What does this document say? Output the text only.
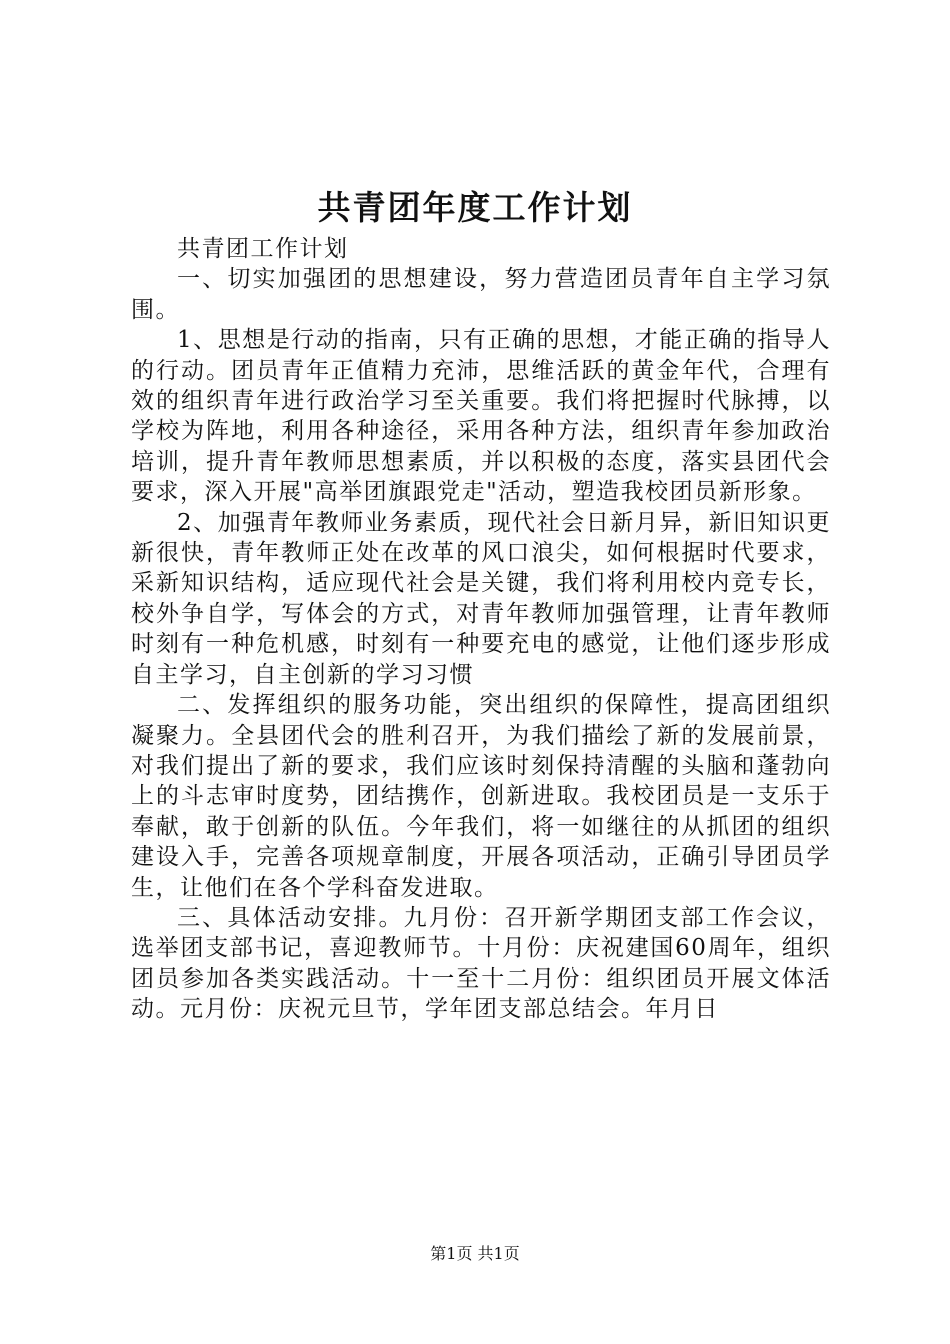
共青团年度工作计划

共青团工作计划

一、切实加强团的思想建设，努力营造团员青年自主学习氛围。

1、思想是行动的指南，只有正确的思想，才能正确的指导人的行动。团员青年正值精力充沛，思维活跃的黄金年代，合理有效的组织青年进行政治学习至关重要。我们将把握时代脉搏，以学校为阵地，利用各种途径，采用各种方法，组织青年参加政治培训，提升青年教师思想素质，并以积极的态度，落实县团代会要求，深入开展"高举团旗跟党走"活动，塑造我校团员新形象。

2、加强青年教师业务素质，现代社会日新月异，新旧知识更新很快，青年教师正处在改革的风口浪尖，如何根据时代要求，采新知识结构，适应现代社会是关键，我们将利用校内竞专长，校外争自学，写体会的方式，对青年教师加强管理，让青年教师时刻有一种危机感，时刻有一种要充电的感觉，让他们逐步形成自主学习，自主创新的学习习惯

二、发挥组织的服务功能，突出组织的保障性，提高团组织凝聚力。全县团代会的胜利召开，为我们描绘了新的发展前景，对我们提出了新的要求，我们应该时刻保持清醒的头脑和蓬勃向上的斗志审时度势，团结携作，创新进取。我校团员是一支乐于奉献，敢于创新的队伍。今年我们，将一如继往的从抓团的组织建设入手，完善各项规章制度，开展各项活动，正确引导团员学生，让他们在各个学科奋发进取。

三、具体活动安排。九月份：召开新学期团支部工作会议，选举团支部书记，喜迎教师节。十月份：庆祝建国60周年，组织团员参加各类实践活动。十一至十二月份：组织团员开展文体活动。元月份：庆祝元旦节，学年团支部总结会。年月日

第1页 共1页
